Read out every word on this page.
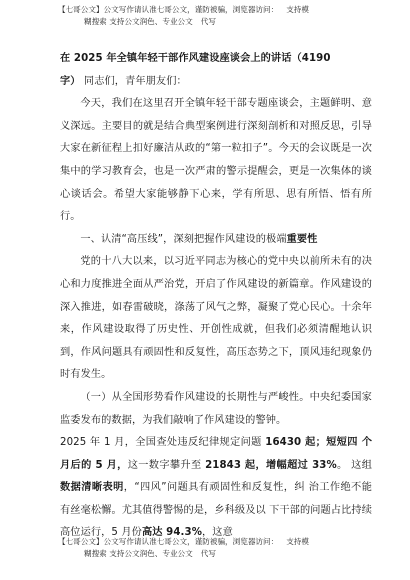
【七哥公文】公文写作请认准七哥公文，谨防被骗，浏览器访问： 支持模
糊搜索 支持公文润色、专业公文 代写

在 2025 年全镇年轻干部作风建设座谈会上的讲话（4190
字） 同志们，青年朋友们：

今天，我们在这里召开全镇年轻干部专题座谈会，主题鲜明、意义深远。主要目的就是结合典型案例进行深刻剖析和对照反思，引导大家在新征程上扣好廉洁从政的“第一粒扣子”。今天的会议既是一次集中的学习教育会，也是一次严肃的警示提醒会，更是一次集体的谈心谈话会。希望大家能够静下心来，学有所思、思有所悟、悟有所行。

一、认清“高压线”，深刻把握作风建设的极端重要性

党的十八大以来，以习近平同志为核心的党中央以前所未有的决心和力度推进全面从严治党，开启了作风建设的新篇章。作风建设的深入推进，如春雷破晓，涤荡了风气之弊，凝聚了党心民心。十余年来，作风建设取得了历史性、开创性成就，但我们必须清醒地认识到，作风问题具有顽固性和反复性，高压态势之下，顶风违纪现象仍时有发生。

（一）从全国形势看作风建设的长期性与严峻性。中央纪委国家监委发布的数据，为我们敲响了作风建设的警钟。

2025 年 1 月，全国查处违反纪律规定问题 16430 起；短短四 个月后的 5 月，这一数字攀升至 21843 起，增幅超过 33%。 这组数据清晰表明，“四风”问题具有顽固性和反复性，纠 治工作绝不能有丝毫松懈。尤其值得警惕的是，乡科级及以 下干部的问题占比持续高位运行，5 月份高达 94.3%，这意

【七哥公文】公文写作请认准七哥公文，谨防被骗，浏览器访问： 支持模
糊搜索 支持公文润色、专业公文 代写
